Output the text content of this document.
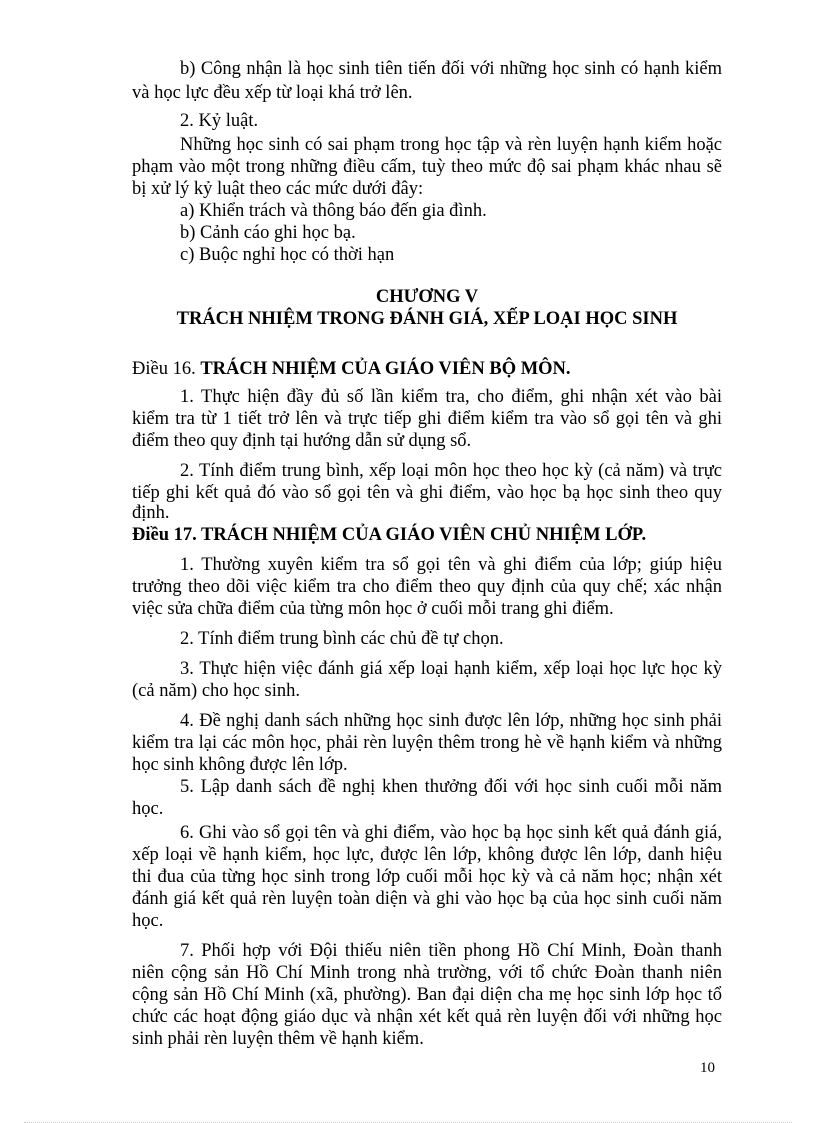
b) Công nhận là học sinh tiên tiến đối với những học sinh có hạnh kiểm

và học lực đều xếp từ loại khá trở lên.

2. Kỷ luật.

Những học sinh có sai phạm trong học tập và rèn luyện hạnh kiểm hoặc

phạm vào một trong những điều cấm, tuỳ theo mức độ sai phạm khác nhau sẽ

bị xử lý kỷ luật theo các mức dưới đây:

a) Khiển trách và thông báo đến gia đình.

b) Cảnh cáo ghi học bạ.

c) Buộc nghỉ học có thời hạn

CHƯƠNG V

TRÁCH NHIỆM TRONG ĐÁNH GIÁ, XẾP LOẠI HỌC SINH

Điều 16. TRÁCH NHIỆM CỦA GIÁO VIÊN BỘ MÔN.

1. Thực hiện đầy đủ số lần kiểm tra, cho điểm, ghi nhận xét vào bài

kiểm tra từ 1 tiết trở lên và trực tiếp ghi điểm kiểm tra vào sổ gọi tên và ghi

điểm theo quy định tại hướng dẫn sử dụng sổ.

2. Tính điểm trung bình, xếp loại môn học theo học kỳ (cả năm) và trực

tiếp ghi kết quả đó vào sổ gọi tên và ghi điểm, vào học bạ học sinh theo quy

định.

Điều 17. TRÁCH NHIỆM CỦA GIÁO VIÊN CHỦ NHIỆM LỚP.

1. Thường xuyên kiểm tra sổ gọi tên và ghi điểm của lớp; giúp hiệu

trưởng theo dõi việc kiểm tra cho điểm theo quy định của quy chế; xác nhận

việc sửa chữa điểm của từng môn học ở cuối mỗi trang ghi điểm.

2. Tính điểm trung bình các chủ đề tự chọn.

3. Thực hiện việc đánh giá xếp loại hạnh kiểm, xếp loại học lực học kỳ

(cả năm) cho học sinh.

4. Đề nghị danh sách những học sinh được lên lớp, những học sinh phải

kiểm tra lại các môn học, phải rèn luyện thêm trong hè về hạnh kiểm và những

học sinh không được lên lớp.

5. Lập danh sách đề nghị khen thưởng đối với học sinh cuối mỗi năm

học.

6. Ghi vào sổ gọi tên và ghi điểm, vào học bạ học sinh kết quả đánh giá,

xếp loại về hạnh kiểm, học lực, được lên lớp, không được lên lớp, danh hiệu

thi đua của từng học sinh trong lớp cuối mỗi học kỳ và cả năm học; nhận xét

đánh giá kết quả rèn luyện toàn diện và ghi vào học bạ của học sinh cuối năm

học.

7. Phối hợp với Đội thiếu niên tiền phong Hồ Chí Minh, Đoàn thanh

niên cộng sản Hồ Chí Minh trong nhà trường, với tổ chức Đoàn thanh niên

cộng sản Hồ Chí Minh (xã, phường). Ban đại diện cha mẹ học sinh lớp học tổ

chức các hoạt động giáo dục và nhận xét kết quả rèn luyện đối với những học

sinh phải rèn luyện thêm về hạnh kiểm.

10
